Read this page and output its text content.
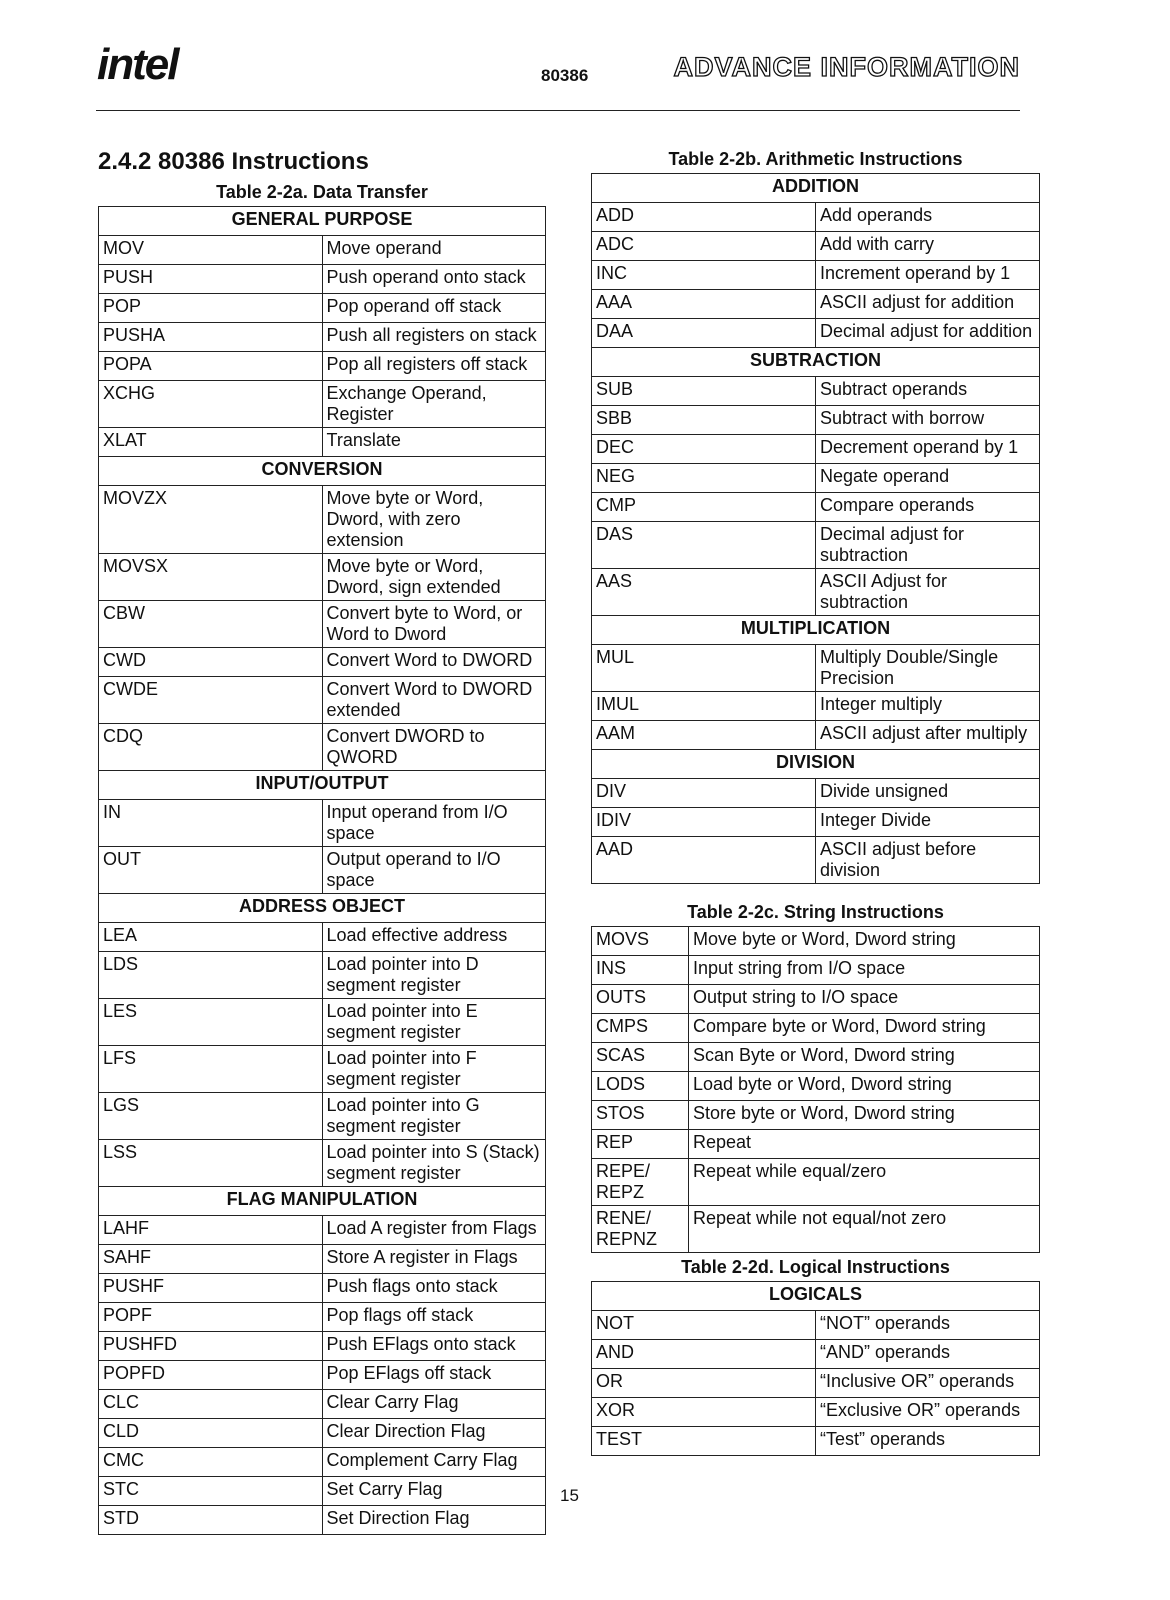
intel	80386	ADVANCE INFORMATION
2.4.2 80386 Instructions
Table 2-2a. Data Transfer
GENERAL PURPOSE	
MOV	Move operand
PUSH	Push operand onto stack
POP	Pop operand off stack
PUSHA	Push all registers on stack
POPA	Pop all registers off stack
XCHG	Exchange Operand, Register
XLAT	Translate
CONVERSION	
MOVZX	Move byte or Word, Dword, with zero extension
MOVSX	Move byte or Word, Dword, sign extended
CBW	Convert byte to Word, or Word to Dword
CWD	Convert Word to DWORD
CWDE	Convert Word to DWORD extended
CDQ	Convert DWORD to QWORD
INPUT/OUTPUT	
IN	Input operand from I/O space
OUT	Output operand to I/O space
ADDRESS OBJECT	
LEA	Load effective address
LDS	Load pointer into D segment register
LES	Load pointer into E segment register
LFS	Load pointer into F segment register
LGS	Load pointer into G segment register
LSS	Load pointer into S (Stack) segment register
FLAG MANIPULATION	
LAHF	Load A register from Flags
SAHF	Store A register in Flags
PUSHF	Push flags onto stack
POPF	Pop flags off stack
PUSHFD	Push EFlags onto stack
POPFD	Pop EFlags off stack
CLC	Clear Carry Flag
CLD	Clear Direction Flag
CMC	Complement Carry Flag
STC	Set Carry Flag
STD	Set Direction Flag
Table 2-2b. Arithmetic Instructions
ADDITION	
ADD	Add operands
ADC	Add with carry
INC	Increment operand by 1
AAA	ASCII adjust for addition
DAA	Decimal adjust for addition
SUBTRACTION	
SUB	Subtract operands
SBB	Subtract with borrow
DEC	Decrement operand by 1
NEG	Negate operand
CMP	Compare operands
DAS	Decimal adjust for subtraction
AAS	ASCII Adjust for subtraction
MULTIPLICATION	
MUL	Multiply Double/Single Precision
IMUL	Integer multiply
AAM	ASCII adjust after multiply
DIVISION	
DIV	Divide unsigned
IDIV	Integer Divide
AAD	ASCII adjust before division
Table 2-2c. String Instructions
MOVS	Move byte or Word, Dword string
INS	Input string from I/O space
OUTS	Output string to I/O space
CMPS	Compare byte or Word, Dword string
SCAS	Scan Byte or Word, Dword string
LODS	Load byte or Word, Dword string
STOS	Store byte or Word, Dword string
REP	Repeat
REPE/ REPZ	Repeat while equal/zero
RENE/ REPNZ	Repeat while not equal/not zero
Table 2-2d. Logical Instructions
LOGICALS	
NOT	“NOT” operands
AND	“AND” operands
OR	“Inclusive OR” operands
XOR	“Exclusive OR” operands
TEST	“Test” operands
15
